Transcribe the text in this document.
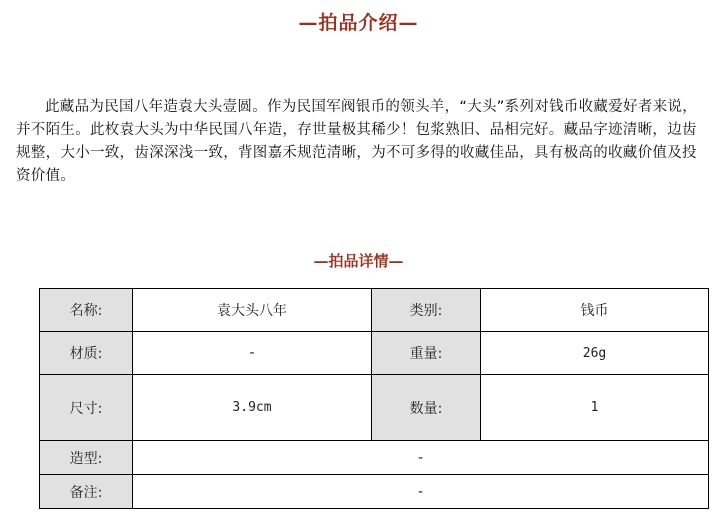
—拍品介绍—

此藏品为民国八年造袁大头壹圆。作为民国军阀银币的领头羊，“大头”系列对钱币收藏爱好者来说，并不陌生。此枚袁大头为中华民国八年造，存世量极其稀少！包浆熟旧、品相完好。藏品字迹清晰，边齿规整，大小一致，齿深深浅一致，背图嘉禾规范清晰，为不可多得的收藏佳品，具有极高的收藏价值及投资价值。

—拍品详情—
名称:	袁大头八年	类别:	钱币
材质:	-	重量:	26g
尺寸:	3.9cm	数量:	1
造型:	-		
备注:	-		
